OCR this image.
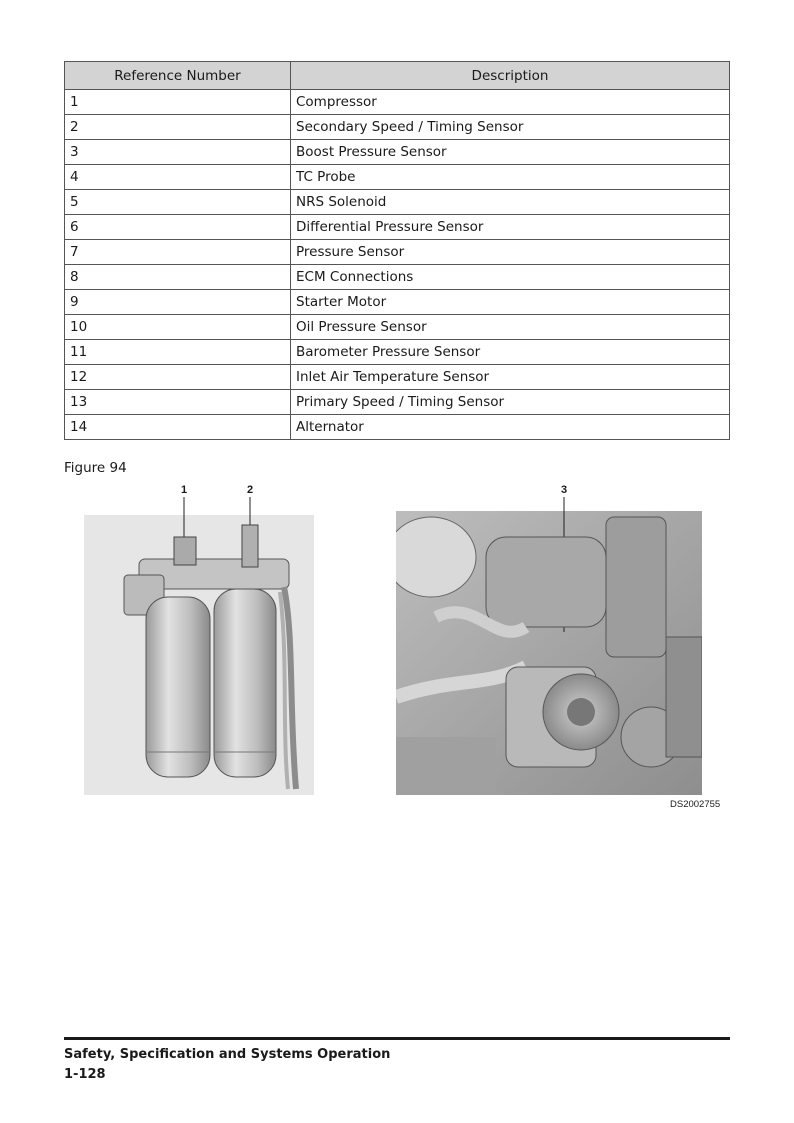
Reference Number	Description
1	Compressor
2	Secondary Speed / Timing Sensor
3	Boost Pressure Sensor
4	TC Probe
5	NRS Solenoid
6	Differential Pressure Sensor
7	Pressure Sensor
8	ECM Connections
9	Starter Motor
10	Oil Pressure Sensor
11	Barometer Pressure Sensor
12	Inlet Air Temperature Sensor
13	Primary Speed / Timing Sensor
14	Alternator
Figure 94
1	2	3
DS2002755
Safety, Specification and Systems Operation
1-128
